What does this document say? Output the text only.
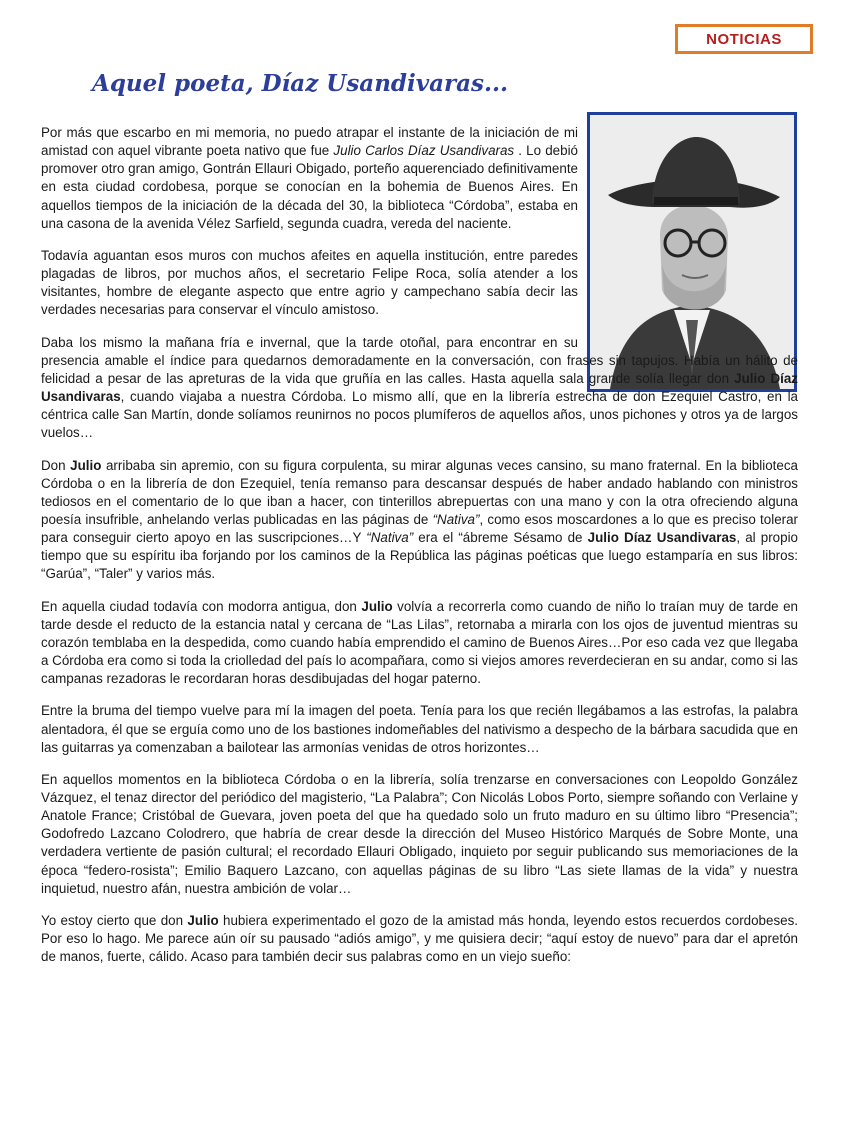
NOTICIAS
Aquel poeta, Díaz Usandivaras...

Por más que escarbo en mi memoria, no puedo atrapar el instante de la iniciación de mi amistad con aquel vibrante poeta nativo que fue Julio Carlos Díaz Usandivaras . Lo debió promover otro gran amigo, Gontrán Ellauri Obigado, porteño aquerenciado definitivamente en esta ciudad cordobesa, porque se conocían en la bohemia de Buenos Aires. En aquellos tiempos de la iniciación de la década del 30, la biblioteca “Córdoba”, estaba en una casona de la avenida Vélez Sarfield, segunda cuadra, vereda del naciente.

Todavía aguantan esos muros con muchos afeites en aquella institución, entre paredes plagadas de libros, por muchos años, el secretario Felipe Roca, solía atender a los visitantes, hombre de elegante aspecto que entre agrio y campechano sabía decir las verdades necesarias para conservar el vínculo amistoso.

Daba los mismo la mañana fría e invernal, que la tarde otoñal, para encontrar en su presencia amable el índice para quedarnos demoradamente en la conversación, con frases sin tapujos. Había un hálito de felicidad a pesar de las apreturas de la vida que gruñía en las calles. Hasta aquella sala grande solía llegar don Julio Díaz Usandivaras, cuando viajaba a nuestra Córdoba. Lo mismo allí, que en la librería estrecha de don Ezequiel Castro, en la céntrica calle San Martín, donde solíamos reunirnos no pocos plumíferos de aquellos años, unos pichones y otros ya de largos vuelos…

Don Julio arribaba sin apremio, con su figura corpulenta, su mirar algunas veces cansino, su mano fraternal. En la biblioteca Córdoba o en la librería de don Ezequiel, tenía remanso para descansar después de haber andado hablando con ministros tediosos en el comentario de lo que iban a hacer, con tinterillos abrepuertas con una mano y con la otra ofreciendo alguna poesía insufrible, anhelando verlas publicadas en las páginas de “Nativa”, como esos moscardones a lo que es preciso tolerar para conseguir cierto apoyo en las suscripciones…Y “Nativa” era el “ábreme Sésamo de Julio Díaz Usandivaras, al propio tiempo que su espíritu iba forjando por los caminos de la República las páginas poéticas que luego estamparía en sus libros: “Garúa”, “Taler” y varios más.

En aquella ciudad todavía con modorra antigua, don Julio volvía a recorrerla como cuando de niño lo traían muy de tarde en tarde desde el reducto de la estancia natal y cercana de “Las Lilas”, retornaba a mirarla con los ojos de juventud mientras su corazón temblaba en la despedida, como cuando había emprendido el camino de Buenos Aires…Por eso cada vez que llegaba a Córdoba era como si toda la criolledad del país lo acompañara, como si viejos amores reverdecieran en su andar, como si las campanas rezadoras le recordaran horas desdibujadas del hogar paterno.

Entre la bruma del tiempo vuelve para mí la imagen del poeta. Tenía para los que recién llegábamos a las estrofas, la palabra alentadora, él que se erguía como uno de los bastiones indomeñables del nativismo a despecho de la bárbara sacudida que en las guitarras ya comenzaban a bailotear las armonías venidas de otros horizontes…

En aquellos momentos en la biblioteca Córdoba o en la librería, solía trenzarse en conversaciones con Leopoldo González Vázquez, el tenaz director del periódico del magisterio, “La Palabra”; Con Nicolás Lobos Porto, siempre soñando con Verlaine y Anatole France; Cristóbal de Guevara, joven poeta del que ha quedado solo un fruto maduro en su último libro “Presencia”; Godofredo Lazcano Colodrero, que habría de crear desde la dirección del Museo Histórico Marqués de Sobre Monte, una verdadera vertiente de pasión cultural; el recordado Ellauri Obligado, inquieto por seguir publicando sus memoriaciones de la época “federo-rosista”; Emilio Baquero Lazcano, con aquellas páginas de su libro “Las siete llamas de la vida” y nuestra inquietud, nuestro afán, nuestra ambición de volar…

Yo estoy cierto que don Julio hubiera experimentado el gozo de la amistad más honda, leyendo estos recuerdos cordobeses. Por eso lo hago. Me parece aún oír su pausado “adiós amigo”, y me quisiera decir; “aquí estoy de nuevo” para dar el apretón de manos, fuerte, cálido. Acaso para también decir sus palabras como en un viejo sueño:
